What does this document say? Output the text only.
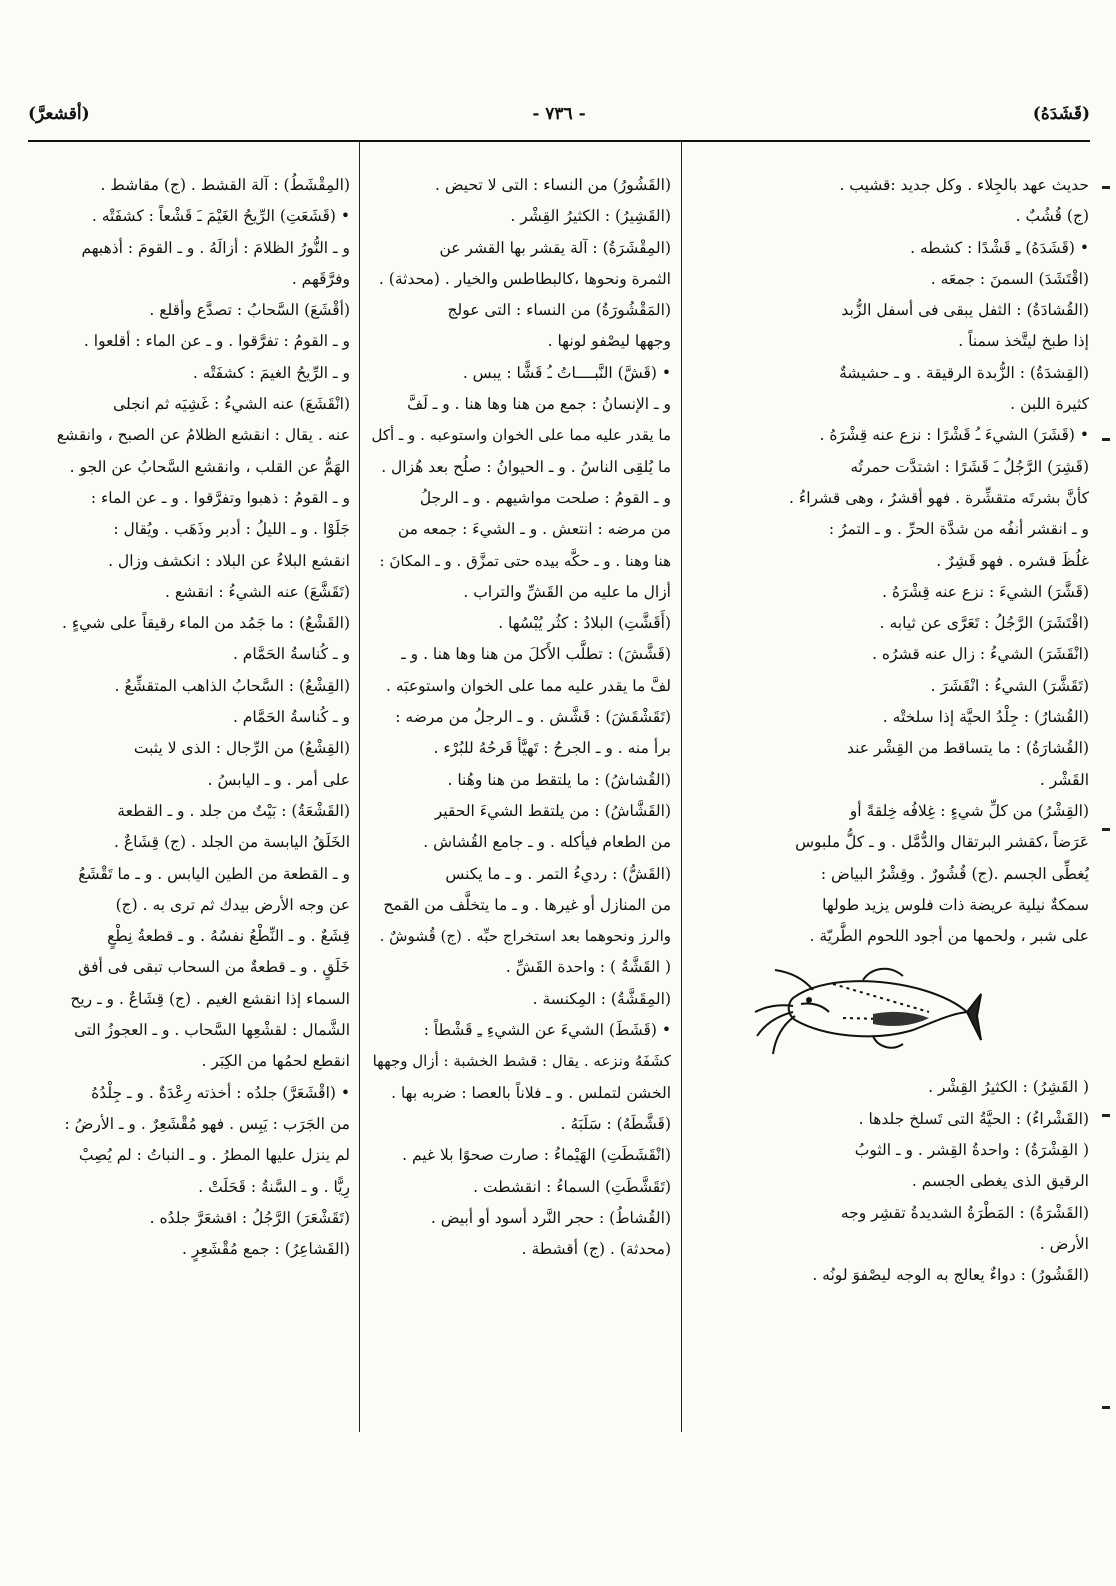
(قَشَدَهُ)
- ٧٣٦ -
(أقشعرَّ)
حديث عهد بالجِلاء . وكل جديد :قشيب .
(ج) قُشُبٌ .
• (قَشَدَهُ) ـِ قَشْدًا : كشطه .
(اقْتَشَدَ) السمنَ : جمعَه .
(القُشادَةُ) : الثفل يبقى فى أسفل الزُّبد
إذا طبخ ليتَّخذ سمناً .
(القِشدَةُ) : الزُّبدة الرقيقة . و ـ حشيشةٌ
كثيرة اللبن .
• (قَشَرَ) الشيءَ ـُ قَشْرًا : نزع عنه قِشْرَهُ .
(قَشِرَ) الرَّجُلُ ـَ قَشَرًا : اشتدَّت حمرتُه
كأنَّ بشرتَه متقشِّرة . فهو أقشرُ ، وهى قشراءُ .
و ـ انقشر أنفُه من شدَّة الحرِّ . و ـ التمرُ :
غلُظَ قشره . فهو قَشِرٌ .
(قَشَّرَ) الشيءَ : نزع عنه قِشْرَهُ .
(اقْتَشَرَ) الرَّجُلُ : تَعَرَّى عن ثيابه .
(انْقَشَرَ) الشيءُ : زال عنه قشرُه .
(تَقَشَّرَ) الشيءُ : انْقَشَرَ .
(القُشارُ) : جِلْدُ الحيَّة إذا سلختْه .
(القُشارَةُ) : ما يتساقط من القِشْر عند
القَشْر .
(القِشْرُ) من كلِّ شيءٍ : غِلافُه خِلقةً أو
عَرَضاً ،كقشر البرتقال والدُّمَّل . و ـ كلُّ ملبوس
يُغطِّى الجسم .(ج) قُشُورٌ . وقِشْرُ البياض :
سمكةٌ نيلية عريضة ذات فلوس يزيد طولها
على شبر ، ولحمها من أجود اللحوم الطَّريّة .
( القَشِرُ) : الكثيرُ القِشْر .
(القَشْراءُ) : الحيَّةُ التى تَسلخ جلدها .
( القِشْرَةُ) : واحدةُ القِشر . و ـ الثوبُ
الرقيق الذى يغطى الجسم .
(القَشْرَةُ) : المَطْرَةُ الشديدةُ تقشِر وجه
الأرض .
(القَشُورُ) : دواءٌ يعالج به الوجه ليصْفوَ لونُه .
(القَشُورُ) من النساء : التى لا تحيض .
(القَشِيرُ) : الكثيرُ القِشْر .
(المِقْشَرَةُ) : آلة يقشر بها القشر عن
الثمرة ونحوها ،كالبطاطس والخيار . (محدثة) .
(المَقْشُورَةُ) من النساء : التى عولج
وجهها ليصْفو لونها .
• (قَشَّ) النَّبــــاتُ ـُ قَشًّا : يبس .
و ـ الإنسانُ : جمع من هنا وها هنا . و ـ لَفَّ
ما يقدر عليه مما على الخوان واستوعبه . و ـ أكل
ما يُلقِى الناسُ . و ـ الحيوانُ : صلُح بعد هُزال .
و ـ القومُ : صلحت مواشيهم . و ـ الرجلُ
من مرضه : انتعش . و ـ الشيءَ : جمعه من
هنا وهنا . و ـ حكَّه بيده حتى تمزَّق . و ـ المكانَ :
أزال ما عليه من القَشِّ والتراب .
(أَقَشَّتِ) البلادُ : كثُر يُبْسُها .
(قَشَّشَ) : تطلَّب الأَكلَ من هنا وها هنا . و ـ
لفَّ ما يقدر عليه مما على الخوان واستوعبَه .
(تَقَشْقَشَ) : قَشَّش . و ـ الرجلُ من مرضه :
برأ منه . و ـ الجرحُ : تَهيَّأ قَرحُهُ للبُرْء .
(القُشاشُ) : ما يلتقط من هنا وهُنا .
(القَشَّاشُ) : من يلتقط الشيءَ الحقير
من الطعام فيأكله . و ـ جامع القُشاش .
(القَشُّ) : رديءُ التمر . و ـ ما يكنس
من المنازل أو غيرها . و ـ ما يتخلَّف من القمح
والرز ونحوهما بعد استخراج حبِّه . (ج) قُشوشٌ .
( القَشَّةُ ) : واحدة القَشِّ .
(المِقَشَّةُ) : المِكنسة .
• (قَشَطَ) الشيءَ عن الشيءِ ـِ قَشْطاً :
كشَفَهُ ونزعه . يقال : قشط الخشبة : أزال وجهها
الخشن لتملس . و ـ فلاناً بالعصا : ضربه بها .
(قَشَّطَهُ) : سَلَبَهُ .
(انْقَشَطَتِ) الهَيْماءُ : صارت صحوًا بلا غيم .
(تَقَشَّطَتِ) السماءُ : انقشطت .
(القُشاطُ) : حجر النَّرد أسود أو أبيض .
(محدثة) . (ج) أقشطة .
(المِقْشَطُ) : آلة القشط . (ج) مقاشط .
• (قَشَعَتِ) الرِّيحُ الغَيْمَ ـَ قَشْعاً : كشفَتْه .
و ـ النُّورُ الظلامَ : أزالَهُ . و ـ القومَ : أذهبهم
وفرَّقَهم .
(أقْشَعَ) السَّحابُ : تصدَّع وأقلع .
و ـ القومُ : تفرَّقوا . و ـ عن الماء : أقلعوا .
و ـ الرِّيحُ الغيمَ : كشفَتْه .
(انْقَشَعَ) عنه الشيءُ : غَشِيَه ثم انجلى
عنه . يقال : انقشع الظلامُ عن الصبح ، وانقشع
الهَمُّ عن القلب ، وانقشع السَّحابُ عن الجو .
و ـ القومُ : ذهبوا وتفرَّقوا . و ـ عن الماء :
جَلَوْا . و ـ الليلُ : أدبر وذَهَب . ويُقال :
انقشع البلاءُ عن البلاد : انكشف وزال .
(تَقَشَّعَ) عنه الشيءُ : انقشع .
(القَشْعُ) : ما جَمُد من الماء رقيقاً على شيءٍ .
و ـ كُناسةُ الحَمَّام .
(القِشْعُ) : السَّحابُ الذاهب المتقشِّعُ .
و ـ كُناسةُ الحَمَّام .
(القِشْعُ) من الرِّجال : الذى لا يثبت
على أمر . و ـ اليابسُ .
(القَشْعَةُ) : بَيْتٌ من جلد . و ـ القطعة
الخَلَقُ اليابسة من الجلد . (ج) قِشَاعٌ .
و ـ القطعة من الطين اليابس . و ـ ما تَقْشَعُ
عن وجه الأرض بيدك ثم ترى به . (ج)
قِشَعٌ . و ـ النِّطْعُ نفسُهُ . و ـ قطعةُ نِطْعٍ
خَلَقٍ . و ـ قطعةٌ من السحاب تبقى فى أفق
السماء إذا انقشع الغيم . (ج) قِشَاعٌ . و ـ ريح
الشَّمال : لقشْعِها السَّحاب . و ـ العجوزُ التى
انقطع لحمُها من الكِبَر .
• (اقْشَعَرَّ) جلدُه : أخذته رِعْدَةٌ . و ـ جِلْدُهُ
من الجَرَب : يَبِس . فهو مُقْشَعِرٌ . و ـ الأرضُ :
لم ينزل عليها المطرُ . و ـ النباتُ : لم يُصِبْ
رِيًّا . و ـ السَّنةُ : قَحَلَتْ .
(تَقَشْعَرَ) الرَّجُلُ : اقشعَرَّ جلدُه .
(القَشاعِرُ) : جمع مُقْشَعِرٍ .
